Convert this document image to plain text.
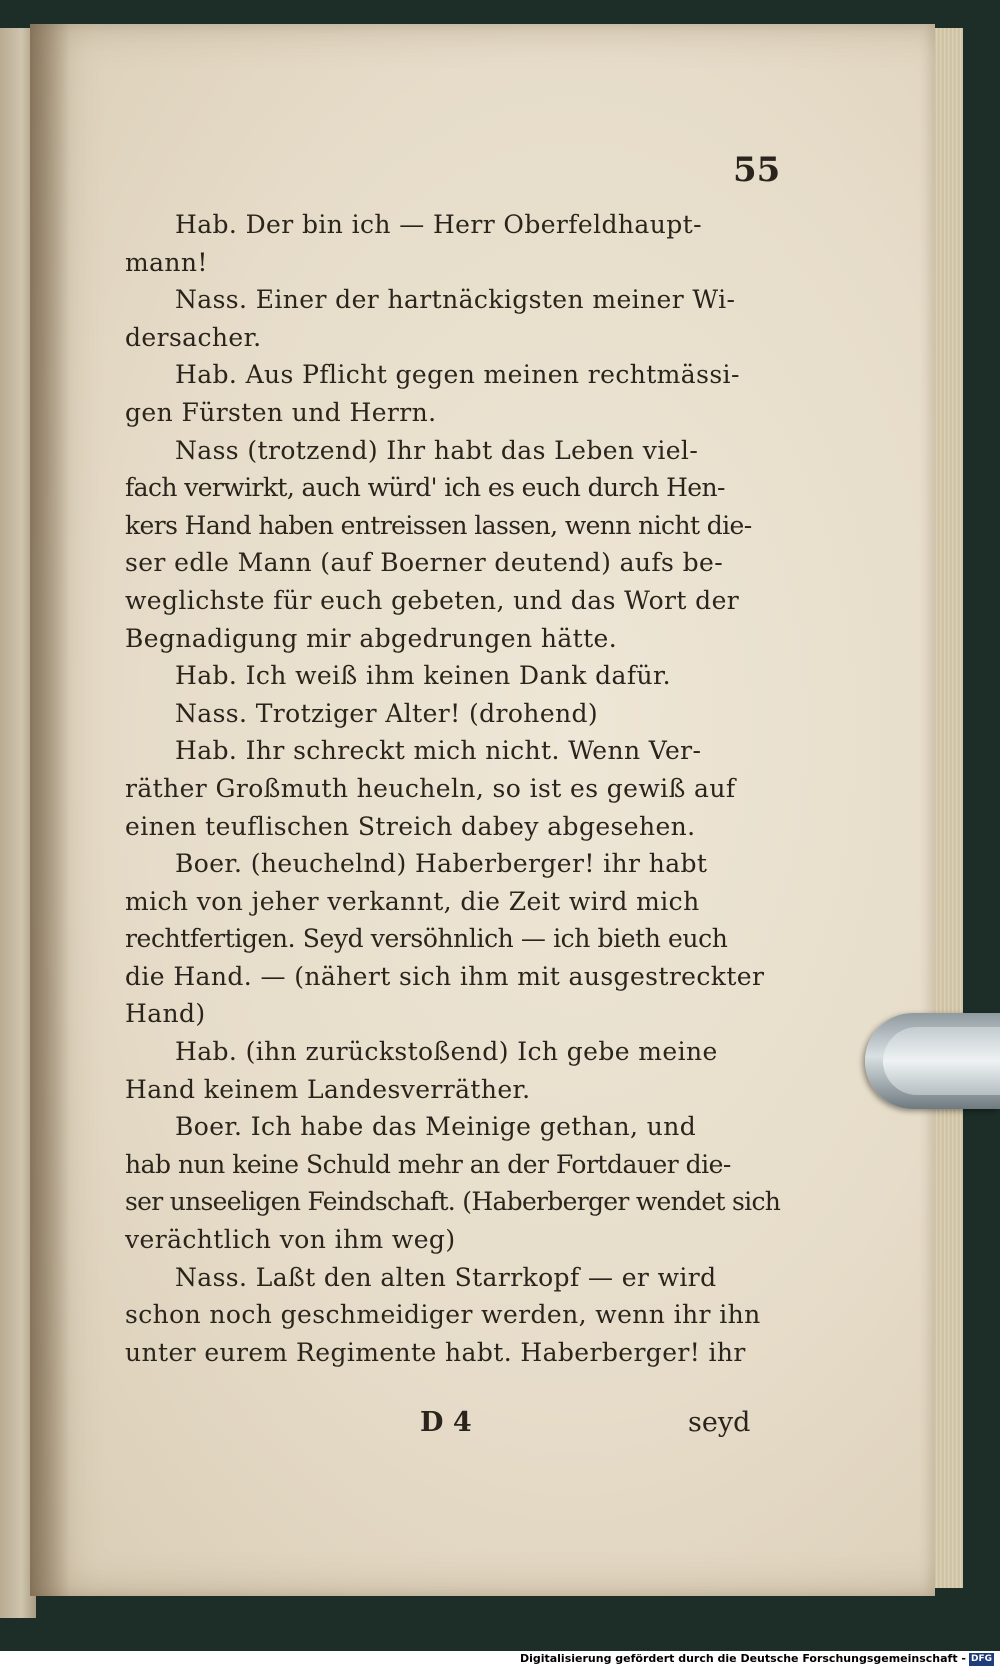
55
Hab. Der bin ich — Herr Oberfeldhaupt-
mann!
Nass. Einer der hartnäckigsten meiner Wi-
dersacher.
Hab. Aus Pflicht gegen meinen rechtmässi-
gen Fürsten und Herrn.
Nass (trotzend) Ihr habt das Leben viel-
fach verwirkt, auch würd' ich es euch durch Hen-
kers Hand haben entreissen lassen, wenn nicht die-
ser edle Mann (auf Boerner deutend) aufs be-
weglichste für euch gebeten, und das Wort der
Begnadigung mir abgedrungen hätte.
Hab. Ich weiß ihm keinen Dank dafür.
Nass. Trotziger Alter! (drohend)
Hab. Ihr schreckt mich nicht. Wenn Ver-
räther Großmuth heucheln, so ist es gewiß auf
einen teuflischen Streich dabey abgesehen.
Boer. (heuchelnd) Haberberger! ihr habt
mich von jeher verkannt, die Zeit wird mich
rechtfertigen. Seyd versöhnlich — ich bieth euch
die Hand. — (nähert sich ihm mit ausgestreckter
Hand)
Hab. (ihn zurückstoßend) Ich gebe meine
Hand keinem Landesverräther.
Boer. Ich habe das Meinige gethan, und
hab nun keine Schuld mehr an der Fortdauer die-
ser unseeligen Feindschaft. (Haberberger wendet sich
verächtlich von ihm weg)
Nass. Laßt den alten Starrkopf — er wird
schon noch geschmeidiger werden, wenn ihr ihn
unter eurem Regimente habt. Haberberger! ihr
D 4	seyd
Digitalisierung gefördert durch die Deutsche Forschungsgemeinschaft - DFG
